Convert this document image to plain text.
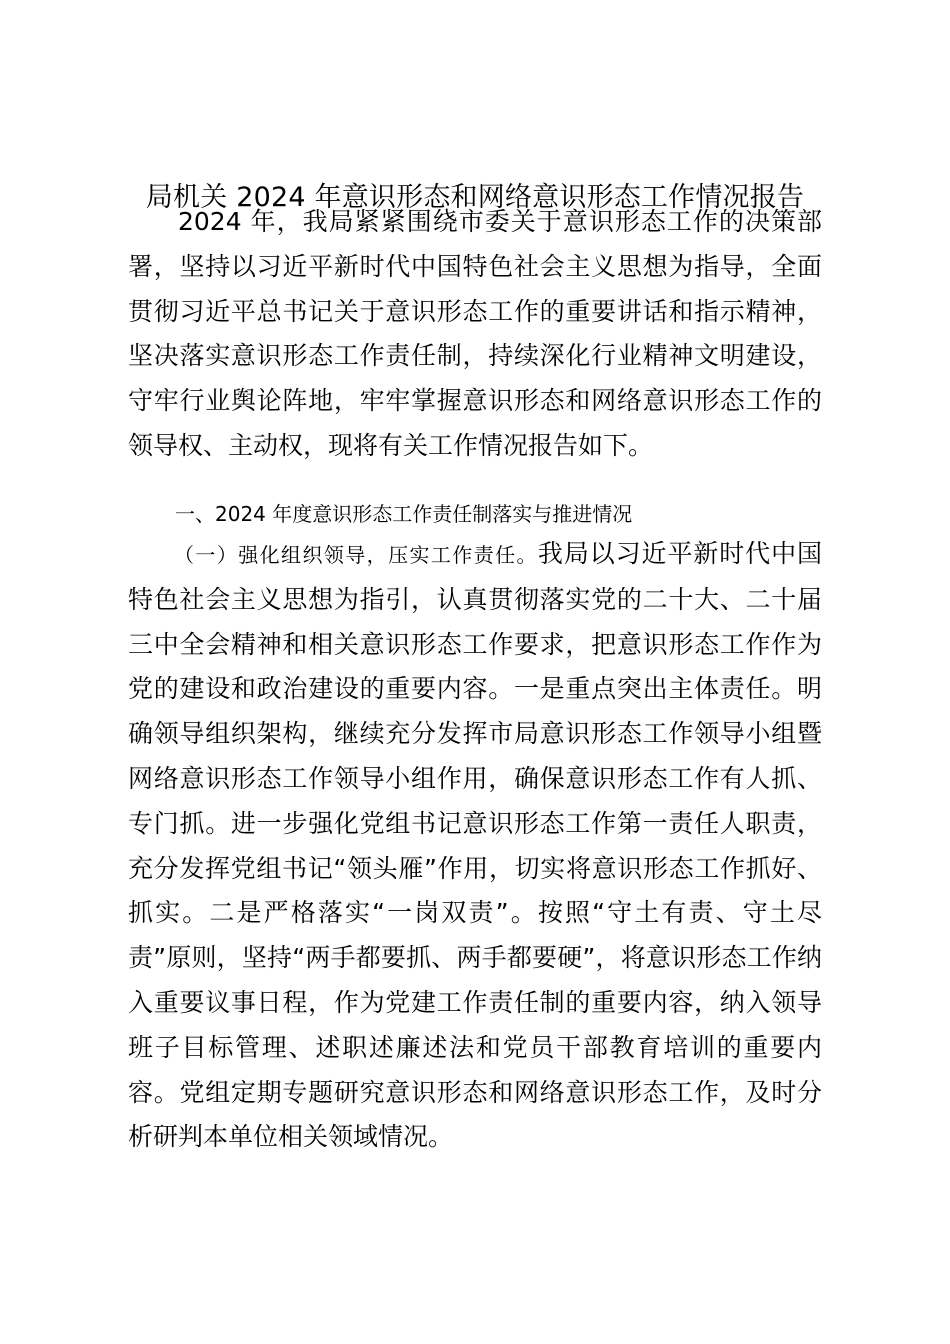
局机关 2024 年意识形态和网络意识形态工作情况报告
2024 年，我局紧紧围绕市委关于意识形态工作的决策部署，坚持以习近平新时代中国特色社会主义思想为指导，全面贯彻习近平总书记关于意识形态工作的重要讲话和指示精神，坚决落实意识形态工作责任制，持续深化行业精神文明建设，守牢行业舆论阵地，牢牢掌握意识形态和网络意识形态工作的领导权、主动权，现将有关工作情况报告如下。
一、2024 年度意识形态工作责任制落实与推进情况
（一）强化组织领导，压实工作责任。我局以习近平新时代中国特色社会主义思想为指引，认真贯彻落实党的二十大、二十届三中全会精神和相关意识形态工作要求，把意识形态工作作为党的建设和政治建设的重要内容。一是重点突出主体责任。明确领导组织架构，继续充分发挥市局意识形态工作领导小组暨网络意识形态工作领导小组作用，确保意识形态工作有人抓、专门抓。进一步强化党组书记意识形态工作第一责任人职责，充分发挥党组书记“领头雁”作用，切实将意识形态工作抓好、抓实。二是严格落实“一岗双责”。按照“守土有责、守土尽责”原则，坚持“两手都要抓、两手都要硬”，将意识形态工作纳入重要议事日程，作为党建工作责任制的重要内容，纳入领导班子目标管理、述职述廉述法和党员干部教育培训的重要内容。党组定期专题研究意识形态和网络意识形态工作，及时分析研判本单位相关领域情况。
